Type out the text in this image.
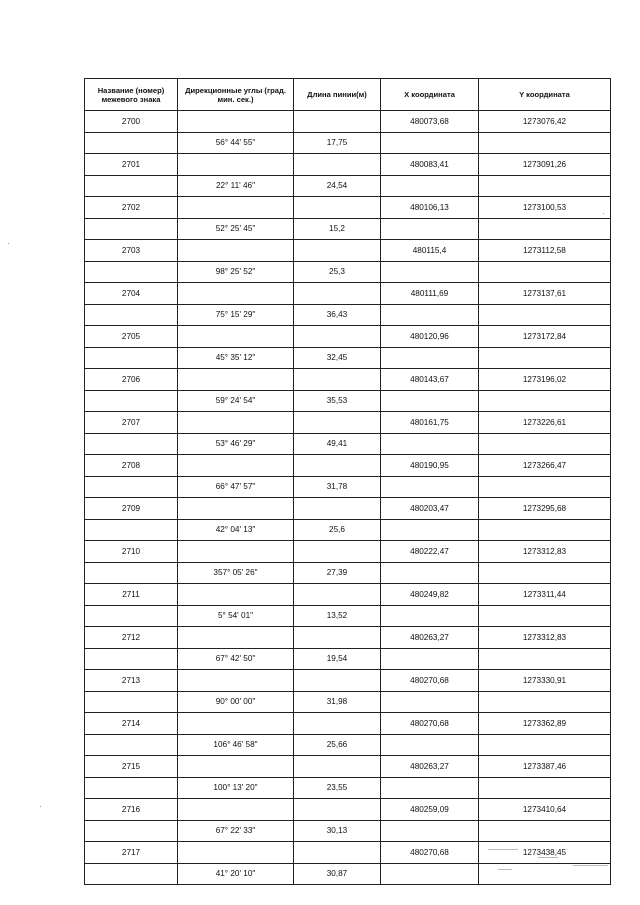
Название (номер) межевого знака	Дирекционные углы (град. мин. сек.)	Длина пинии(м)	X координата	Y координата
2700			480073,68	1273076,42
	56° 44' 55"	17,75		
2701			480083,41	1273091,26
	22° 11' 46"	24,54		
2702			480106,13	1273100,53
	52° 25' 45"	15,2		
2703			480115,4	1273112,58
	98° 25' 52"	25,3		
2704			480111,69	1273137,61
	75° 15' 29"	36,43		
2705			480120,96	1273172,84
	45° 35' 12"	32,45		
2706			480143,67	1273196,02
	59° 24' 54"	35,53		
2707			480161,75	1273226,61
	53° 46' 29"	49,41		
2708			480190,95	1273266,47
	66° 47' 57"	31,78		
2709			480203,47	1273295,68
	42° 04' 13"	25,6		
2710			480222,47	1273312,83
	357° 05' 26"	27,39		
2711			480249,82	1273311,44
	5° 54' 01"	13,52		
2712			480263,27	1273312,83
	67° 42' 50"	19,54		
2713			480270,68	1273330,91
	90° 00' 00"	31,98		
2714			480270,68	1273362,89
	106° 46' 58"	25,66		
2715			480263,27	1273387,46
	100° 13' 20"	23,55		
2716			480259,09	1273410,64
	67° 22' 33"	30,13		
2717			480270,68	1273438,45
	41° 20' 10"	30,87		
